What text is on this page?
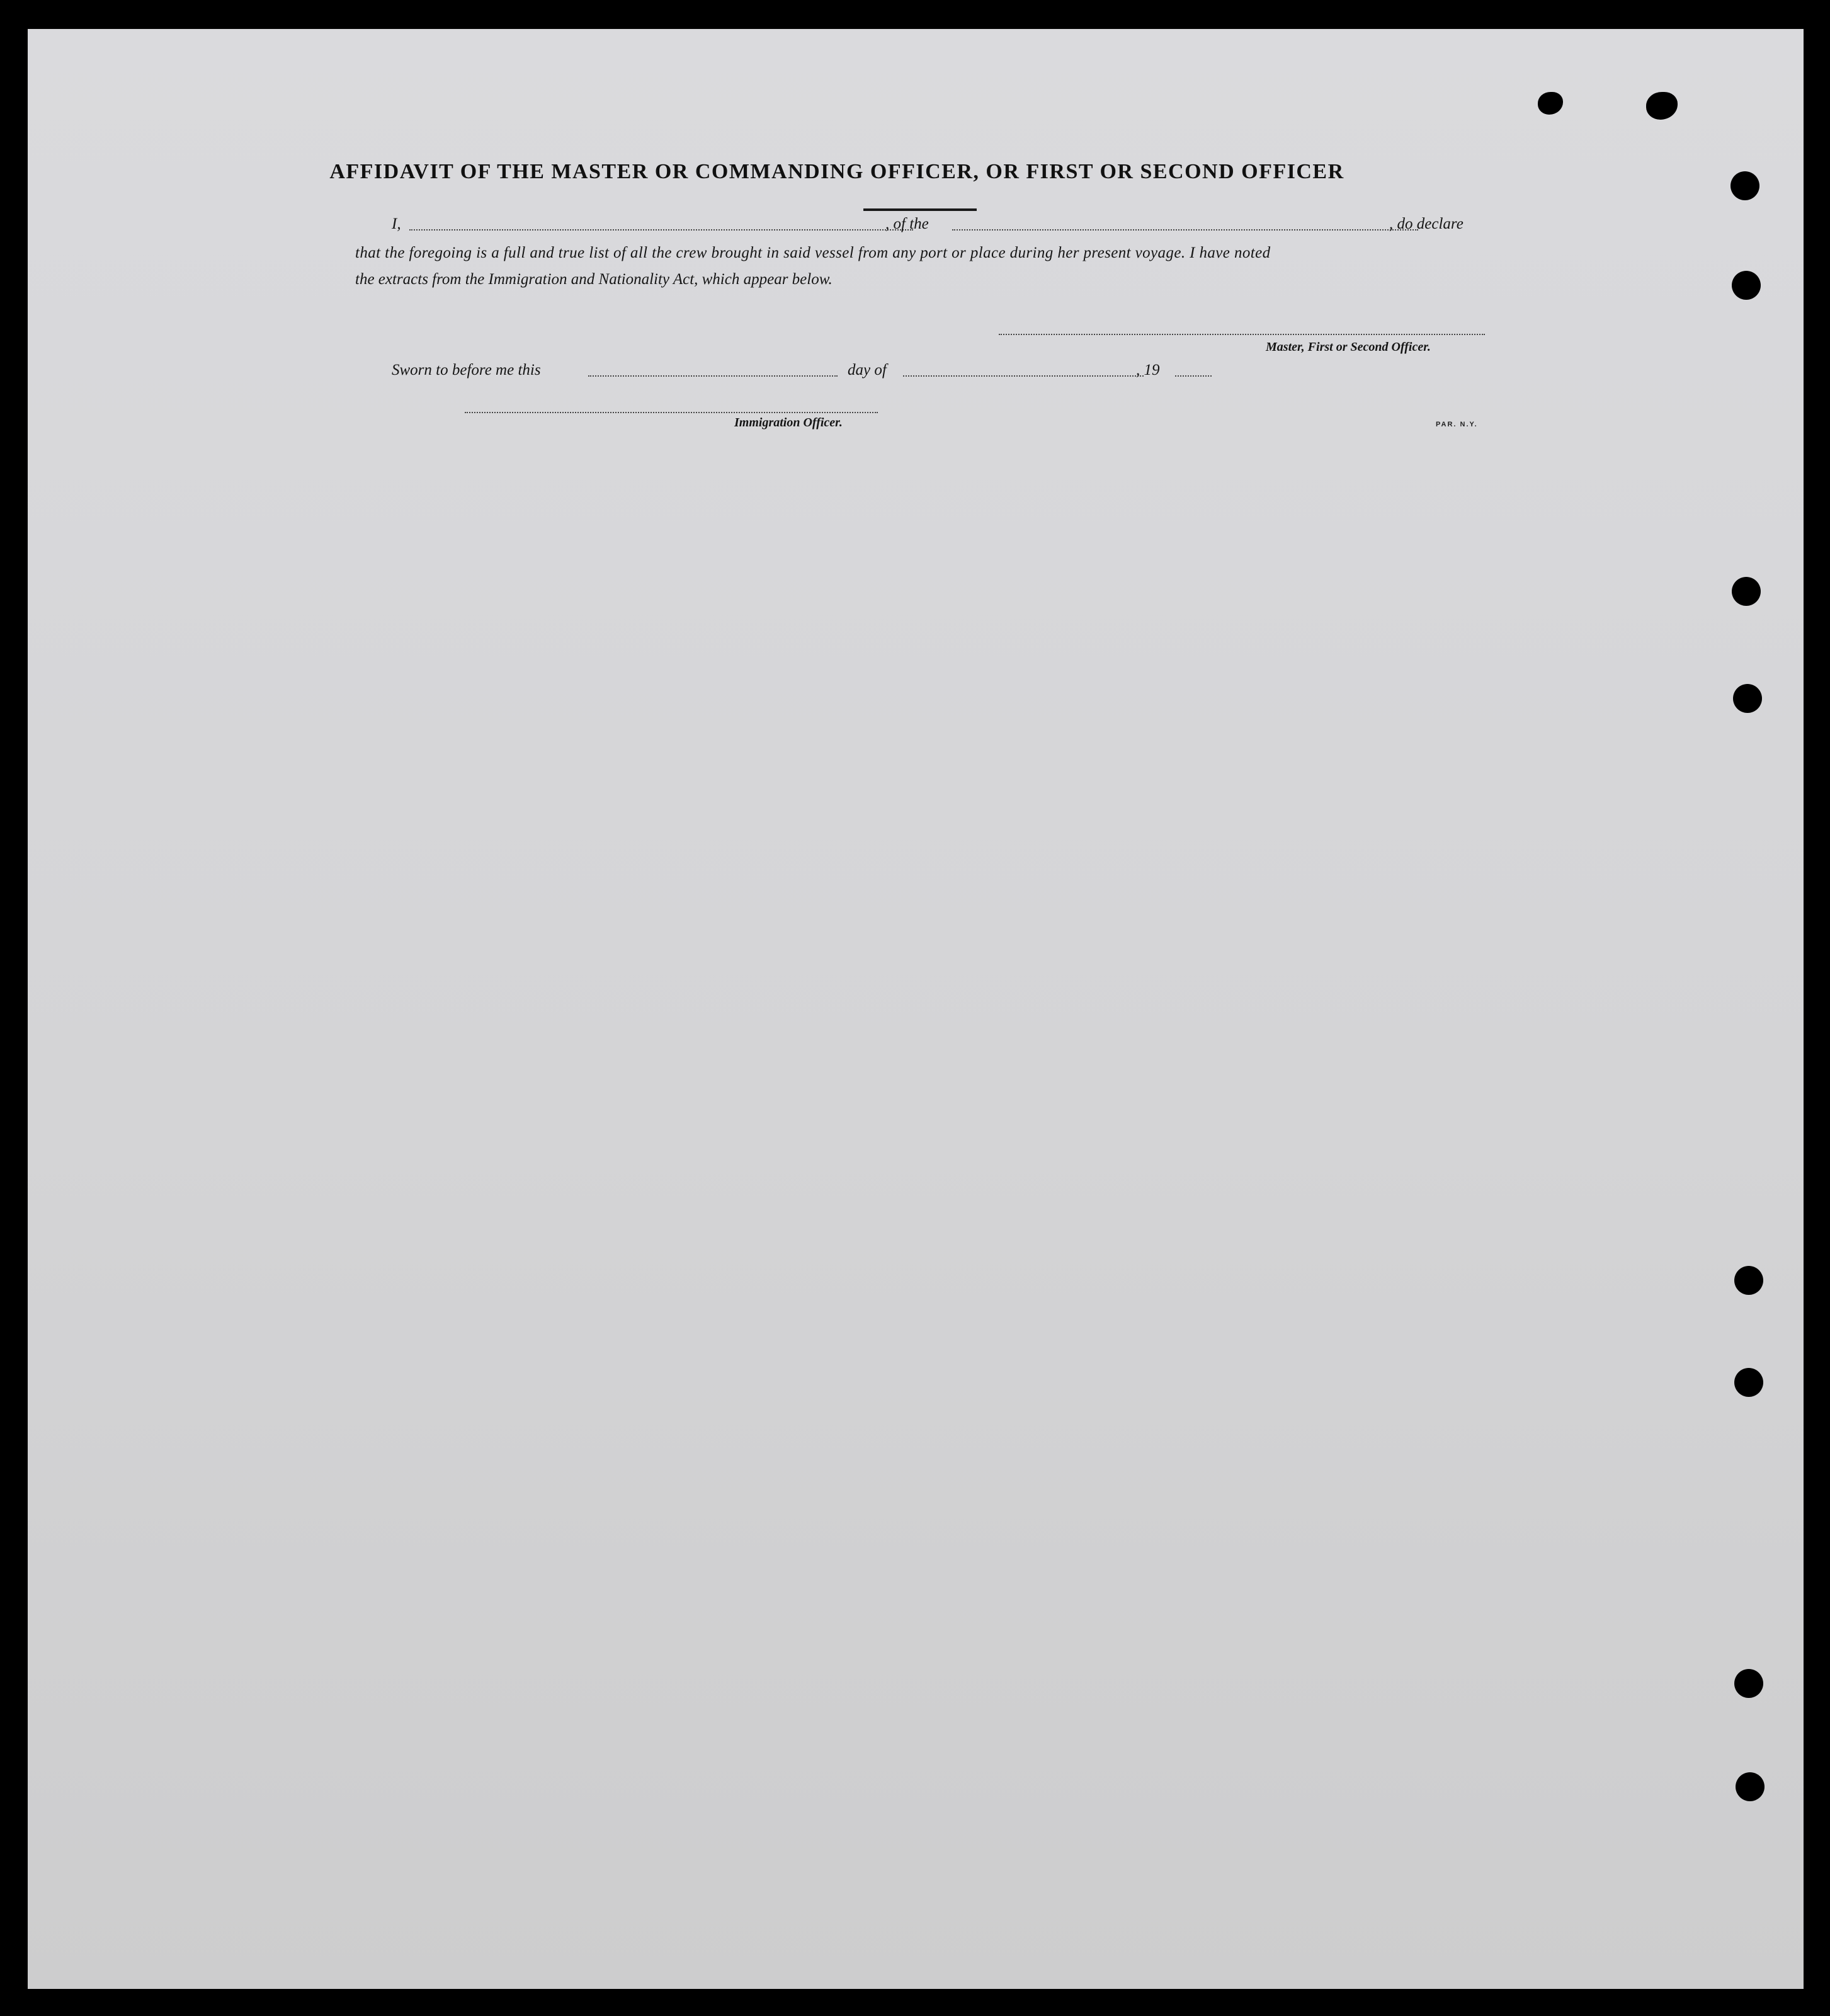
AFFIDAVIT OF THE MASTER OR COMMANDING OFFICER, OR FIRST OR SECOND OFFICER
I,	, of the	, do declare
that the foregoing is a full and true list of all the crew brought in said vessel from any port or place during her present voyage. I have noted
the extracts from the Immigration and Nationality Act, which appear below.
Master, First or Second Officer.
Sworn to before me this	day of	, 19
Immigration Officer.	PAR. N.Y.
